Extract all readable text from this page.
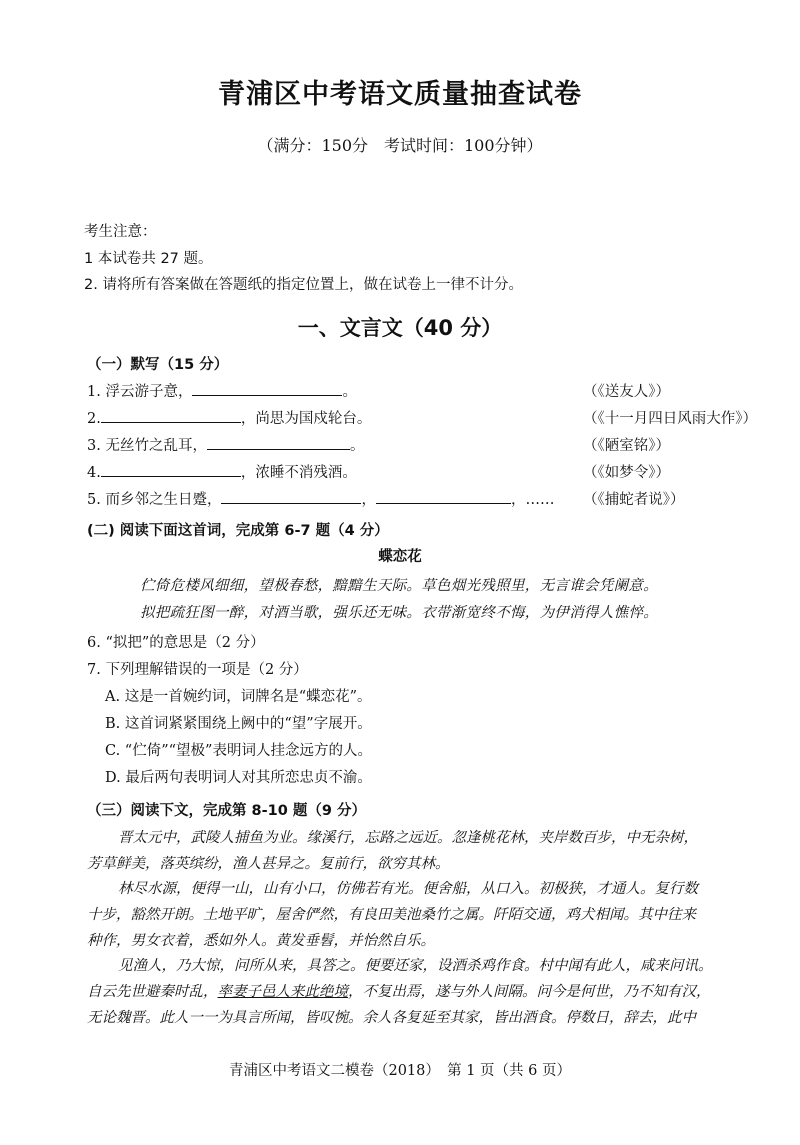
青浦区中考语文质量抽查试卷
（满分：150分　考试时间：100分钟）
考生注意：
1 本试卷共 27 题。
2. 请将所有答案做在答题纸的指定位置上，做在试卷上一律不计分。
一、文言文（40 分）
（一）默写（15 分）
1. 浮云游子意，	。	（《送友人》）
2.	，尚思为国戍轮台。	（《十一月四日风雨大作》）
3. 无丝竹之乱耳，	。	（《陋室铭》）
4.	，浓睡不消残酒。	（《如梦令》）
5. 而乡邻之生日蹙，	，	，…… （《捕蛇者说》）
(二) 阅读下面这首词，完成第 6-7 题（4 分）
蝶恋花
伫倚危楼风细细，望极春愁，黯黯生天际。草色烟光残照里，无言谁会凭阑意。
拟把疏狂图一醉，对酒当歌，强乐还无味。衣带渐宽终不悔，为伊消得人憔悴。
6. “拟把”的意思是（2 分）
7. 下列理解错误的一项是（2 分）
A. 这是一首婉约词，词牌名是“蝶恋花”。
B. 这首词紧紧围绕上阙中的“望”字展开。
C. “伫倚”“望极”表明词人挂念远方的人。
D. 最后两句表明词人对其所恋忠贞不渝。
（三）阅读下文，完成第 8-10 题（9 分）
晋太元中，武陵人捕鱼为业。缘溪行，忘路之远近。忽逢桃花林，夹岸数百步，中无杂树，
芳草鲜美，落英缤纷，渔人甚异之。复前行，欲穷其林。
林尽水源，便得一山，山有小口，仿佛若有光。便舍船，从口入。初极狭，才通人。复行数
十步，豁然开朗。土地平旷，屋舍俨然，有良田美池桑竹之属。阡陌交通，鸡犬相闻。其中往来
种作，男女衣着，悉如外人。黄发垂髫，并怡然自乐。
见渔人，乃大惊，问所从来，具答之。便要还家，设酒杀鸡作食。村中闻有此人，咸来问讯。
自云先世避秦时乱，率妻子邑人来此绝境，不复出焉，遂与外人间隔。问今是何世，乃不知有汉，
无论魏晋。此人一一为具言所闻，皆叹惋。余人各复延至其家，皆出酒食。停数日，辞去，此中
青浦区中考语文二模卷（2018）　第 1 页（共 6 页）
